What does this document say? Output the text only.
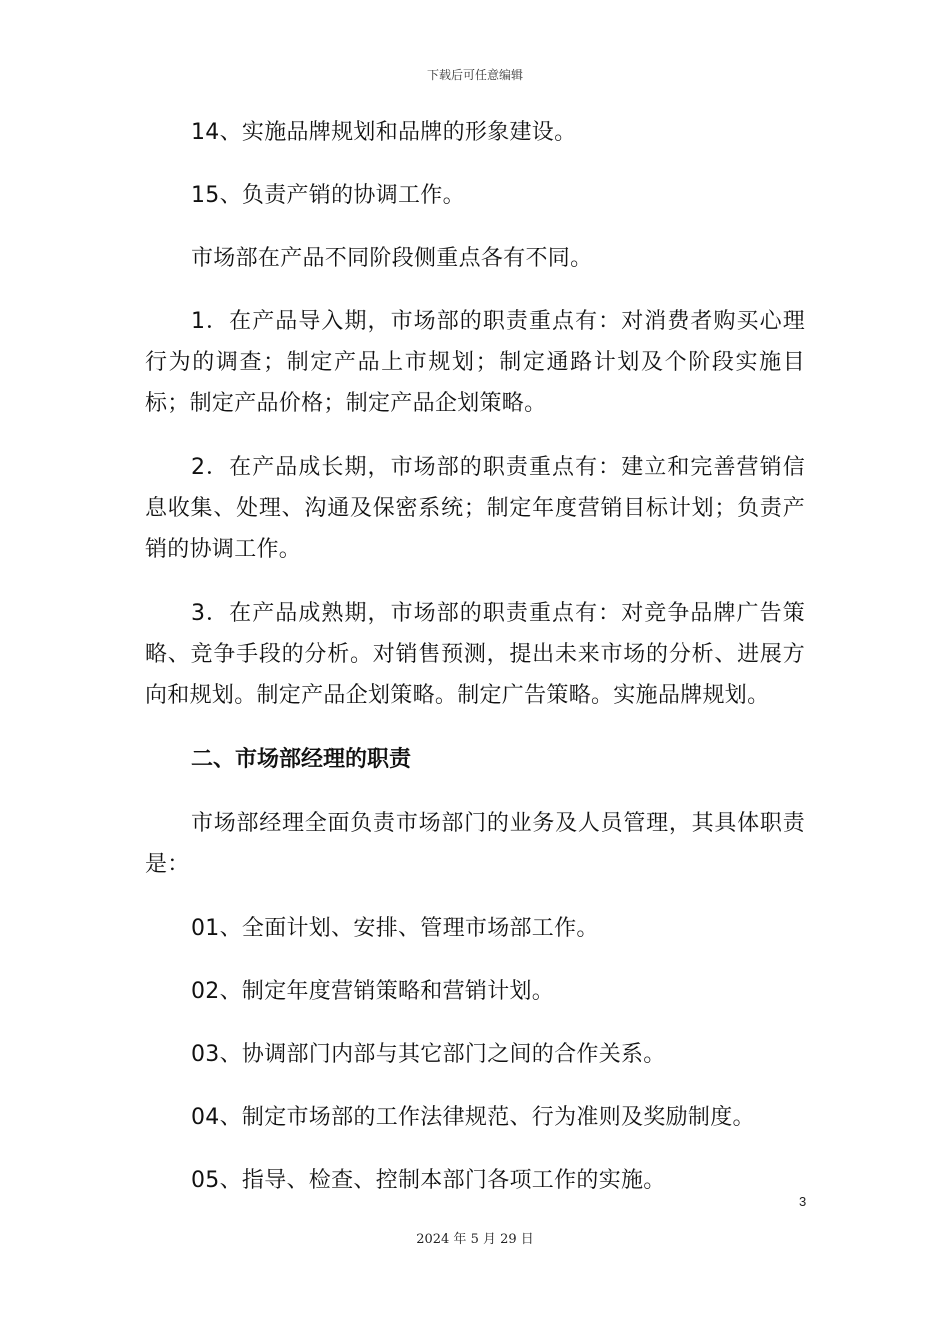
下载后可任意编辑

14、实施品牌规划和品牌的形象建设。

15、负责产销的协调工作。

市场部在产品不同阶段侧重点各有不同。

1．在产品导入期，市场部的职责重点有：对消费者购买心理行为的调查；制定产品上市规划；制定通路计划及个阶段实施目标；制定产品价格；制定产品企划策略。

2．在产品成长期，市场部的职责重点有：建立和完善营销信息收集、处理、沟通及保密系统；制定年度营销目标计划；负责产销的协调工作。

3．在产品成熟期，市场部的职责重点有：对竞争品牌广告策略、竞争手段的分析。对销售预测，提出未来市场的分析、进展方向和规划。制定产品企划策略。制定广告策略。实施品牌规划。

二、市场部经理的职责

市场部经理全面负责市场部门的业务及人员管理，其具体职责是：

01、全面计划、安排、管理市场部工作。

02、制定年度营销策略和营销计划。

03、协调部门内部与其它部门之间的合作关系。

04、制定市场部的工作法律规范、行为准则及奖励制度。

05、指导、检查、控制本部门各项工作的实施。

3
2024 年 5 月 29 日
